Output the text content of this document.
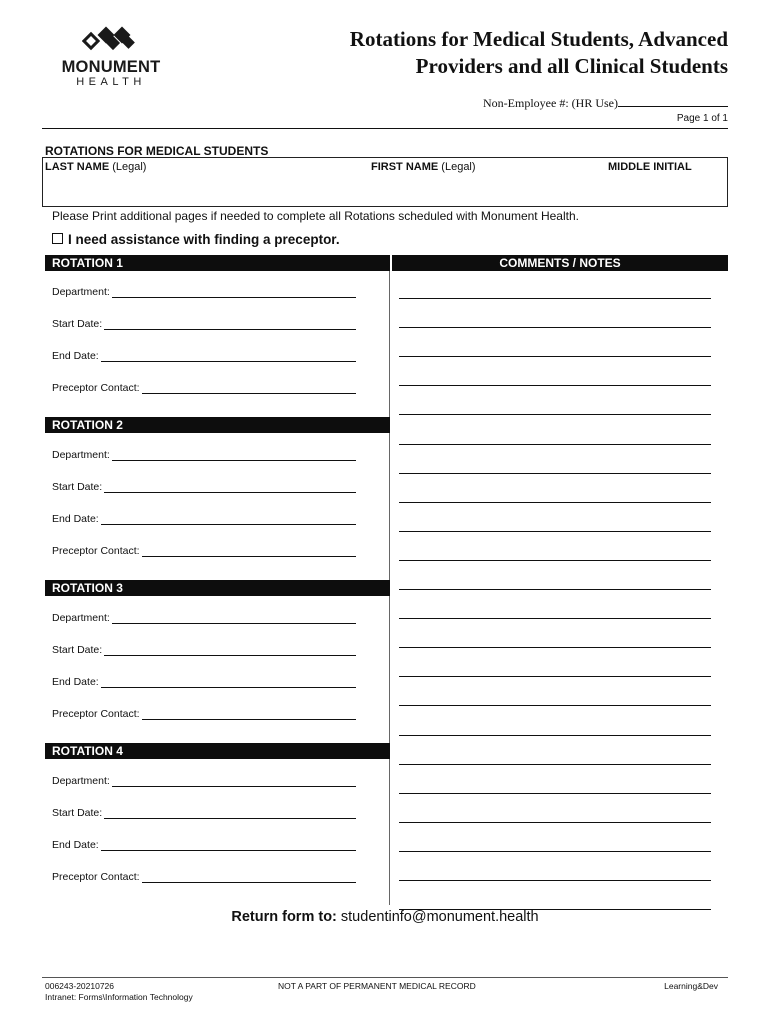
MONUMENT
HEALTH
Rotations for Medical Students, Advanced
Providers and all Clinical Students
Non-Employee #: (HR Use)
Page 1 of 1
ROTATIONS FOR MEDICAL STUDENTS
LAST NAME (Legal)	FIRST NAME (Legal)	MIDDLE INITIAL
Please Print additional pages if needed to complete all Rotations scheduled with Monument Health.
I need assistance with finding a preceptor.
COMMENTS / NOTES
ROTATION 1
Department:
Start Date:
End Date:
Preceptor Contact:
ROTATION 2
Department:
Start Date:
End Date:
Preceptor Contact:
ROTATION 3
Department:
Start Date:
End Date:
Preceptor Contact:
ROTATION 4
Department:
Start Date:
End Date:
Preceptor Contact:
Return form to: studentinfo@monument.health
006243-20210726
Intranet: Forms\Information Technology
NOT A PART OF PERMANENT MEDICAL RECORD	Learning&Dev
